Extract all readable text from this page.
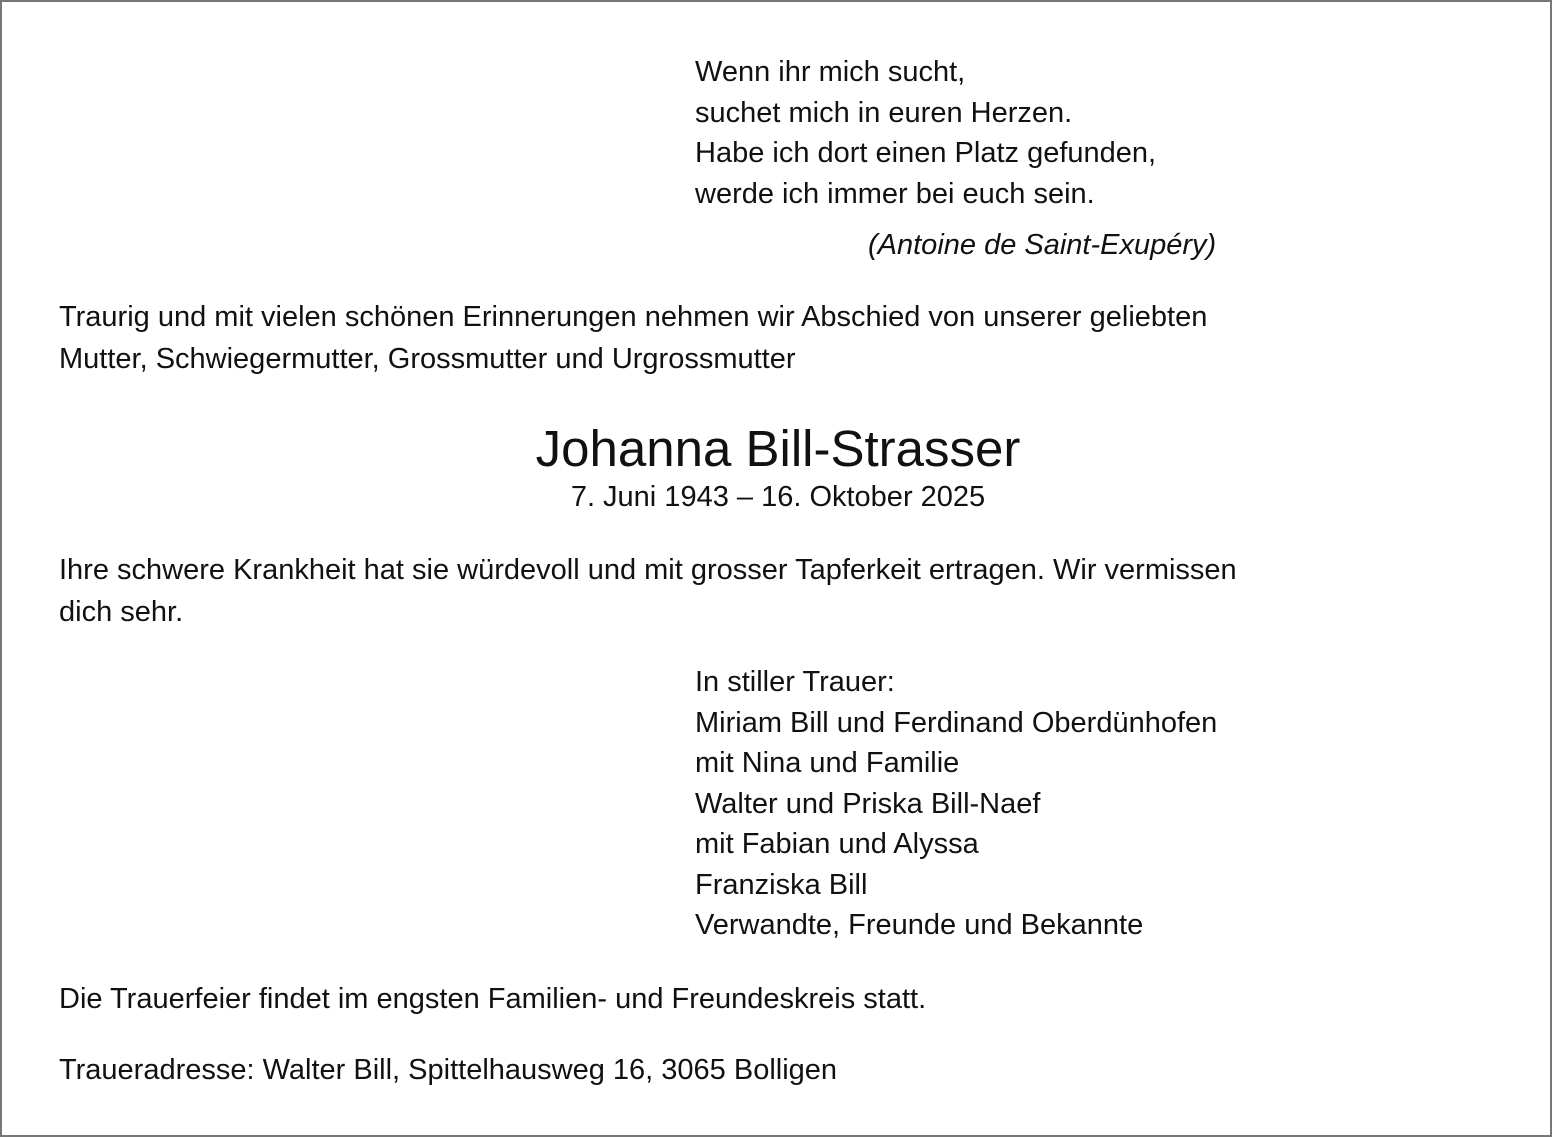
Wenn ihr mich sucht,
suchet mich in euren Herzen.
Habe ich dort einen Platz gefunden,
werde ich immer bei euch sein.

(Antoine de Saint-Exupéry)

Traurig und mit vielen schönen Erinnerungen nehmen wir Abschied von unserer geliebten
Mutter, Schwiegermutter, Grossmutter und Urgrossmutter
Johanna Bill-Strasser

7. Juni 1943 – 16. Oktober 2025

Ihre schwere Krankheit hat sie würdevoll und mit grosser Tapferkeit ertragen. Wir vermissen
dich sehr.
In stiller Trauer:
Miriam Bill und Ferdinand Oberdünhofen
mit Nina und Familie
Walter und Priska Bill-Naef
mit Fabian und Alyssa
Franziska Bill
Verwandte, Freunde und Bekannte

Die Trauerfeier findet im engsten Familien- und Freundeskreis statt.

Traueradresse: Walter Bill, Spittelhausweg 16, 3065 Bolligen
